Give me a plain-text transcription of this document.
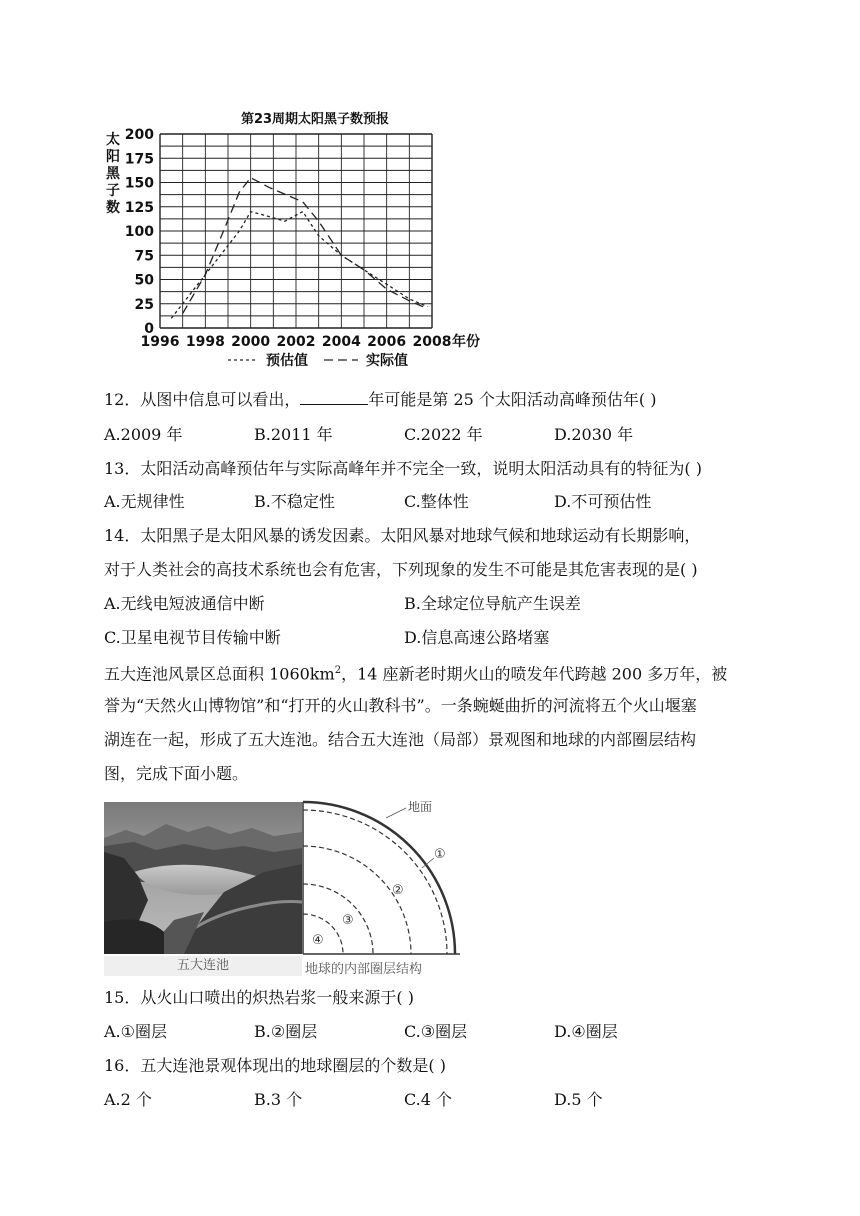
第23周期太阳黑子数预报
太阳黑子数
0
25
50
75
100
125
150
175
200
1996 1998 2000 2002 2004 2006 2008 年份
预估值	实际值
12．从图中信息可以看出，	年可能是第 25 个太阳活动高峰预估年( )
A.2009 年	B.2011 年	C.2022 年	D.2030 年
13．太阳活动高峰预估年与实际高峰年并不完全一致，说明太阳活动具有的特征为( )
A.无规律性	B.不稳定性	C.整体性	D.不可预估性
14．太阳黑子是太阳风暴的诱发因素。太阳风暴对地球气候和地球运动有长期影响，
对于人类社会的高技术系统也会有危害，下列现象的发生不可能是其危害表现的是( )
A.无线电短波通信中断	B.全球定位导航产生误差
C.卫星电视节目传输中断	D.信息高速公路堵塞
五大连池风景区总面积 $1060km^2$，14 座新老时期火山的喷发年代跨越 200 多万年，被
誉为“天然火山博物馆”和“打开的火山教科书”。一条蜿蜒曲折的河流将五个火山堰塞
湖连在一起，形成了五大连池。结合五大连池（局部）景观图和地球的内部圈层结构
图，完成下面小题。
五大连池
地面
①
②
③
④
地球的内部圈层结构
15．从火山口喷出的炽热岩浆一般来源于( )
A.①圈层	B.②圈层	C.③圈层	D.④圈层
16．五大连池景观体现出的地球圈层的个数是( )
A.2 个	B.3 个	C.4 个	D.5 个
